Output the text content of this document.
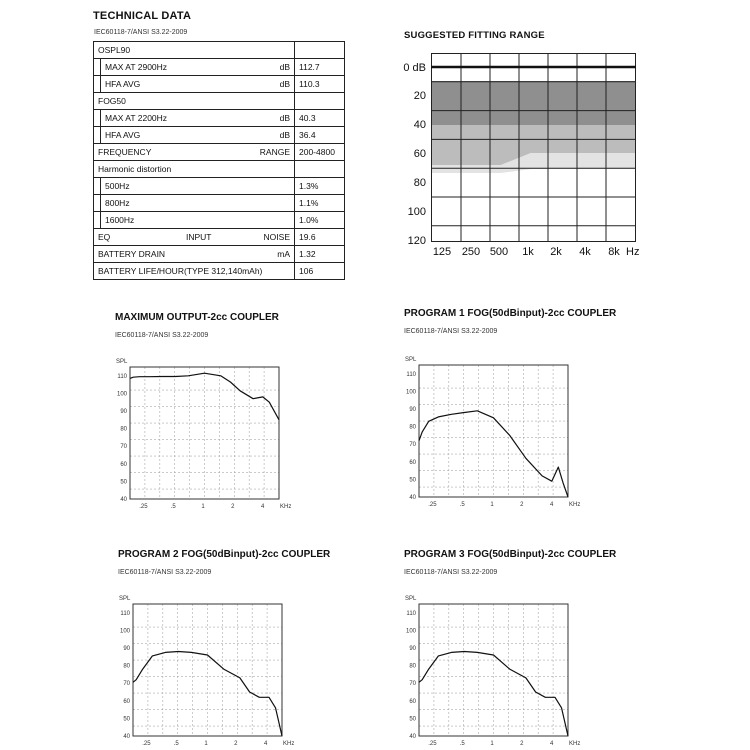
TECHNICAL DATA
IEC60118-7/ANSI S3.22-2009
OSPL90			
	MAX AT 2900Hz	dB	112.7
	HFA AVG	dB	110.3
FOG50			
	MAX AT 2200Hz	dB	40.3
	HFA AVG	dB	36.4
FREQUENCY RANGE			200-4800
Harmonic distortion			
	500Hz		1.3%
	800Hz		1.1%
	1600Hz		1.0%
EQ INPUT NOISE			19.6
BATTERY DRAIN mA			1.32
BATTERY LIFE/HOUR(TYPE 312,140mAh)			106
SUGGESTED FITTING RANGE
0 dB
20
40
60
80
100
120
125 250 500	1k	2k	4k	8k Hz
MAXIMUM OUTPUT-2cc COUPLER
IEC60118-7/ANSI S3.22-2009
SPL
110
100
90
80
70
60
50
40
.25	.5	1	2	4	KHz
PROGRAM 1 FOG(50dBinput)-2cc COUPLER
IEC60118-7/ANSI S3.22-2009
SPL
110
100
90
80
70
60
50
40
.25	.5	1	2	4	KHz
PROGRAM 2 FOG(50dBinput)-2cc COUPLER
IEC60118-7/ANSI S3.22-2009
SPL
110
100
90
80
70
60
50
40
.25	.5	1	2	4	KHz
PROGRAM 3 FOG(50dBinput)-2cc COUPLER
IEC60118-7/ANSI S3.22-2009
SPL
110
100
90
80
70
60
50
40
.25	.5	1	2	4	KHz
